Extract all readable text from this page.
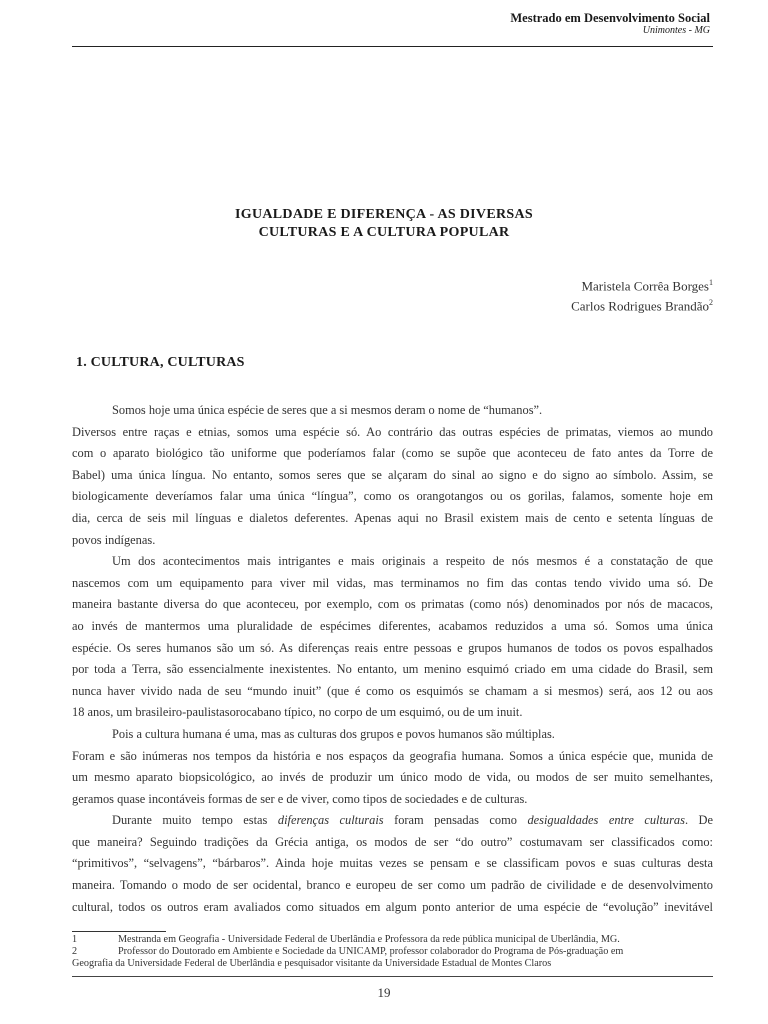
Mestrado em Desenvolvimento Social
Unimontes - MG
IGUALDADE E DIFERENÇA - AS DIVERSAS
CULTURAS E A CULTURA POPULAR
Maristela Corrêa Borges$^1$
Carlos Rodrigues Brandão$^2$
1. CULTURA, CULTURAS
Somos hoje uma única espécie de seres que a si mesmos deram o nome de “humanos”.
Diversos entre raças e etnias, somos uma espécie só. Ao contrário das outras espécies de primatas, viemos ao mundo
com o aparato biológico tão uniforme que poderíamos falar (como se supõe que aconteceu de fato antes da Torre de
Babel) uma única língua. No entanto, somos seres que se alçaram do sinal ao signo e do signo ao símbolo. Assim, se
biologicamente deveríamos falar uma única “língua”, como os orangotangos ou os gorilas, falamos, somente hoje em
dia, cerca de seis mil línguas e dialetos deferentes. Apenas aqui no Brasil existem mais de cento e setenta línguas de
povos indígenas.
Um dos acontecimentos mais intrigantes e mais originais a respeito de nós mesmos é a constatação de que
nascemos com um equipamento para viver mil vidas, mas terminamos no fim das contas tendo vivido uma só. De
maneira bastante diversa do que aconteceu, por exemplo, com os primatas (como nós) denominados por nós de macacos,
ao invés de mantermos uma pluralidade de espécimes diferentes, acabamos reduzidos a uma só. Somos uma única
espécie. Os seres humanos são um só. As diferenças reais entre pessoas e grupos humanos de todos os povos espalhados
por toda a Terra, são essencialmente inexistentes. No entanto, um menino esquimó criado em uma cidade do Brasil, sem
nunca haver vivido nada de seu “mundo inuit” (que é como os esquimós se chamam a si mesmos) será, aos 12 ou aos
18 anos, um brasileiro-paulistasorocabano típico, no corpo de um esquimó, ou de um inuit.
Pois a cultura humana é uma, mas as culturas dos grupos e povos humanos são múltiplas.
Foram e são inúmeras nos tempos da história e nos espaços da geografia humana. Somos a única espécie que, munida de
um mesmo aparato biopsicológico, ao invés de produzir um único modo de vida, ou modos de ser muito semelhantes,
geramos quase incontáveis formas de ser e de viver, como tipos de sociedades e de culturas.
Durante muito tempo estas diferenças culturais foram pensadas como desigualdades entre culturas. De
que maneira? Seguindo tradições da Grécia antiga, os modos de ser “do outro” costumavam ser classificados como:
“primitivos”, “selvagens”, “bárbaros”. Ainda hoje muitas vezes se pensam e se classificam povos e suas culturas desta
maneira. Tomando o modo de ser ocidental, branco e europeu de ser como um padrão de civilidade e de desenvolvimento
cultural, todos os outros eram avaliados como situados em algum ponto anterior de uma espécie de “evolução” inevitável
1	Mestranda em Geografia - Universidade Federal de Uberlândia e Professora da rede pública municipal de Uberlândia, MG.
2	Professor do Doutorado em Ambiente e Sociedade da UNICAMP, professor colaborador do Programa de Pós-graduação em
Geografia da Universidade Federal de Uberlândia e pesquisador visitante da Universidade Estadual de Montes Claros
19
